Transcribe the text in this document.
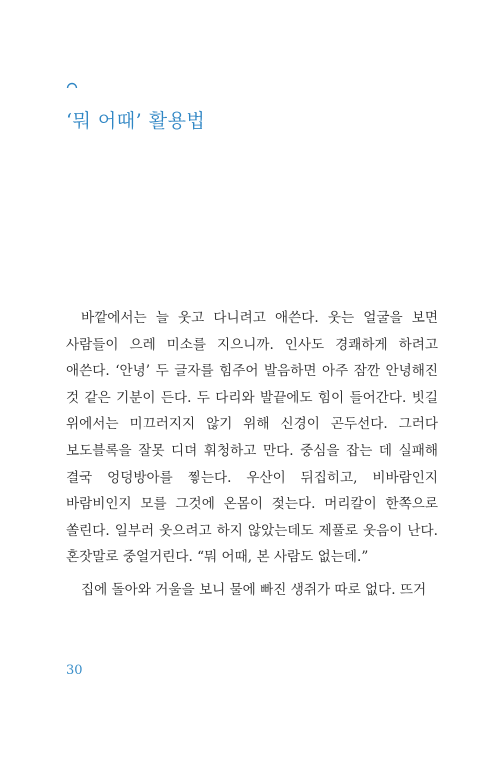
‘뭐 어때’ 활용법

바깥에서는 늘 웃고 다니려고 애쓴다. 웃는 얼굴을 보면 사람들이 으레 미소를 지으니까. 인사도 경쾌하게 하려고 애쓴다. ‘안녕’ 두 글자를 힘주어 발음하면 아주 잠깐 안녕해진 것 같은 기분이 든다. 두 다리와 발끝에도 힘이 들어간다. 빗길 위에서는 미끄러지지 않기 위해 신경이 곤두선다. 그러다 보도블록을 잘못 디뎌 휘청하고 만다. 중심을 잡는 데 실패해 결국 엉덩방아를 찧는다. 우산이 뒤집히고, 비바람인지 바람비인지 모를 그것에 온몸이 젖는다. 머리칼이 한쪽으로 쏠린다. 일부러 웃으려고 하지 않았는데도 제풀로 웃음이 난다. 혼잣말로 중얼거린다. “뭐 어때, 본 사람도 없는데.”

집에 돌아와 거울을 보니 물에 빠진 생쥐가 따로 없다. 뜨거

30
